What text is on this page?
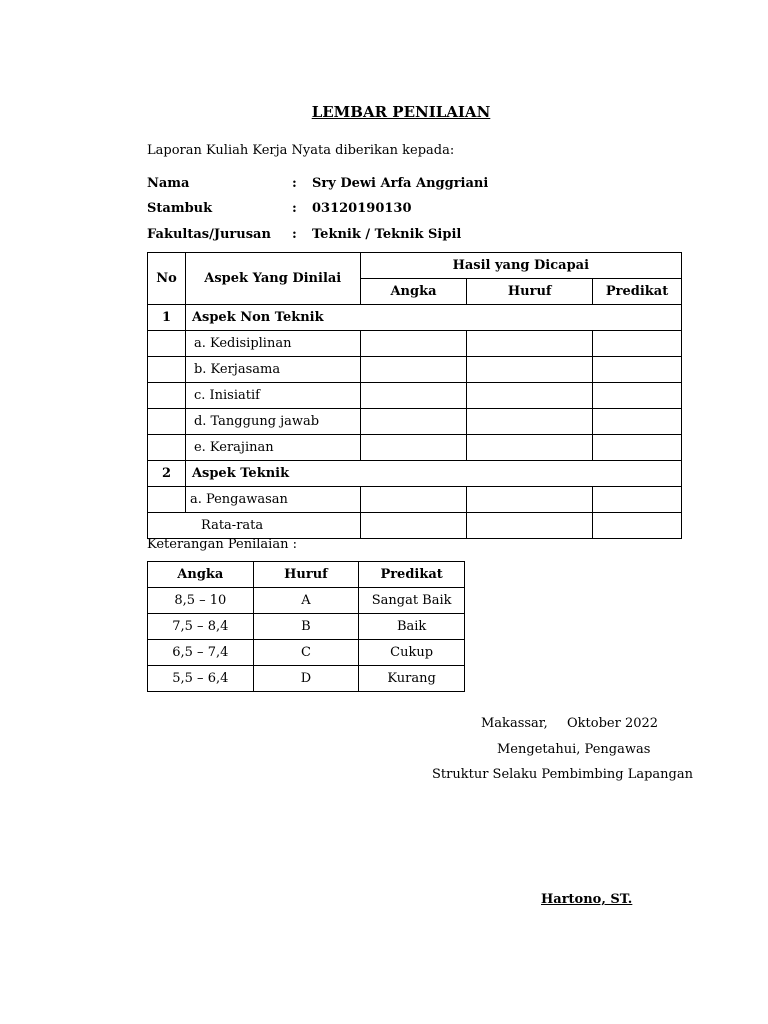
LEMBAR PENILAIAN
Laporan Kuliah Kerja Nyata diberikan kepada:
Nama	: Sry Dewi Arfa Anggriani
Stambuk	: 03120190130
Fakultas/Jurusan : Teknik / Teknik Sipil
No	Aspek Yang Dinilai	Hasil yang Dicapai		
		Angka	Huruf	Predikat
1	Aspek Non Teknik			
	a. Kedisiplinan			
	b. Kerjasama			
	c. Inisiatif			
	d. Tanggung jawab			
	e. Kerajinan			
2	Aspek Teknik			
	a. Pengawasan			
Rata-rata				
Keterangan Penilaian :
Angka	Huruf	Predikat
8,5 – 10	A	Sangat Baik
7,5 – 8,4	B	Baik
6,5 – 7,4	C	Cukup
5,5 – 6,4	D	Kurang
Makassar, Oktober 2022
Mengetahui, Pengawas
Struktur Selaku Pembimbing Lapangan
Hartono, ST.
